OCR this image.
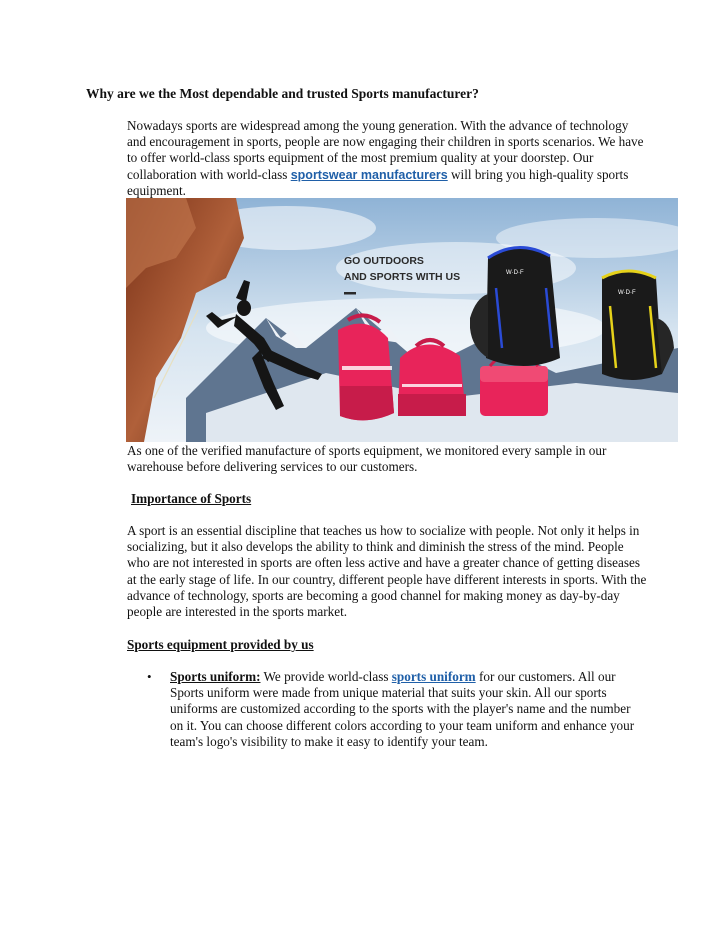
Why are we the Most dependable and trusted Sports manufacturer?
Nowadays sports are widespread among the young generation. With the advance of technology and encouragement in sports, people are now engaging their children in sports scenarios. We have to offer world-class sports equipment of the most premium quality at your doorstep. Our collaboration with world-class sportswear manufacturers will bring you high-quality sports equipment.
GO OUTDOORS
AND SPORTS WITH US	W·D·F
W·D·F
As one of the verified manufacture of sports equipment, we monitored every sample in our warehouse before delivering services to our customers.
Importance of Sports
A sport is an essential discipline that teaches us how to socialize with people. Not only it helps in socializing, but it also develops the ability to think and diminish the stress of the mind. People who are not interested in sports are often less active and have a greater chance of getting diseases at the early stage of life. In our country, different people have different interests in sports. With the advance of technology, sports are becoming a good channel for making money as day-by-day people are interested in the sports market.
Sports equipment provided by us
• Sports uniform: We provide world-class sports uniform for our customers. All our Sports uniform were made from unique material that suits your skin. All our sports uniforms are customized according to the sports with the player's name and the number on it. You can choose different colors according to your team uniform and enhance your team's logo's visibility to make it easy to identify your team.
